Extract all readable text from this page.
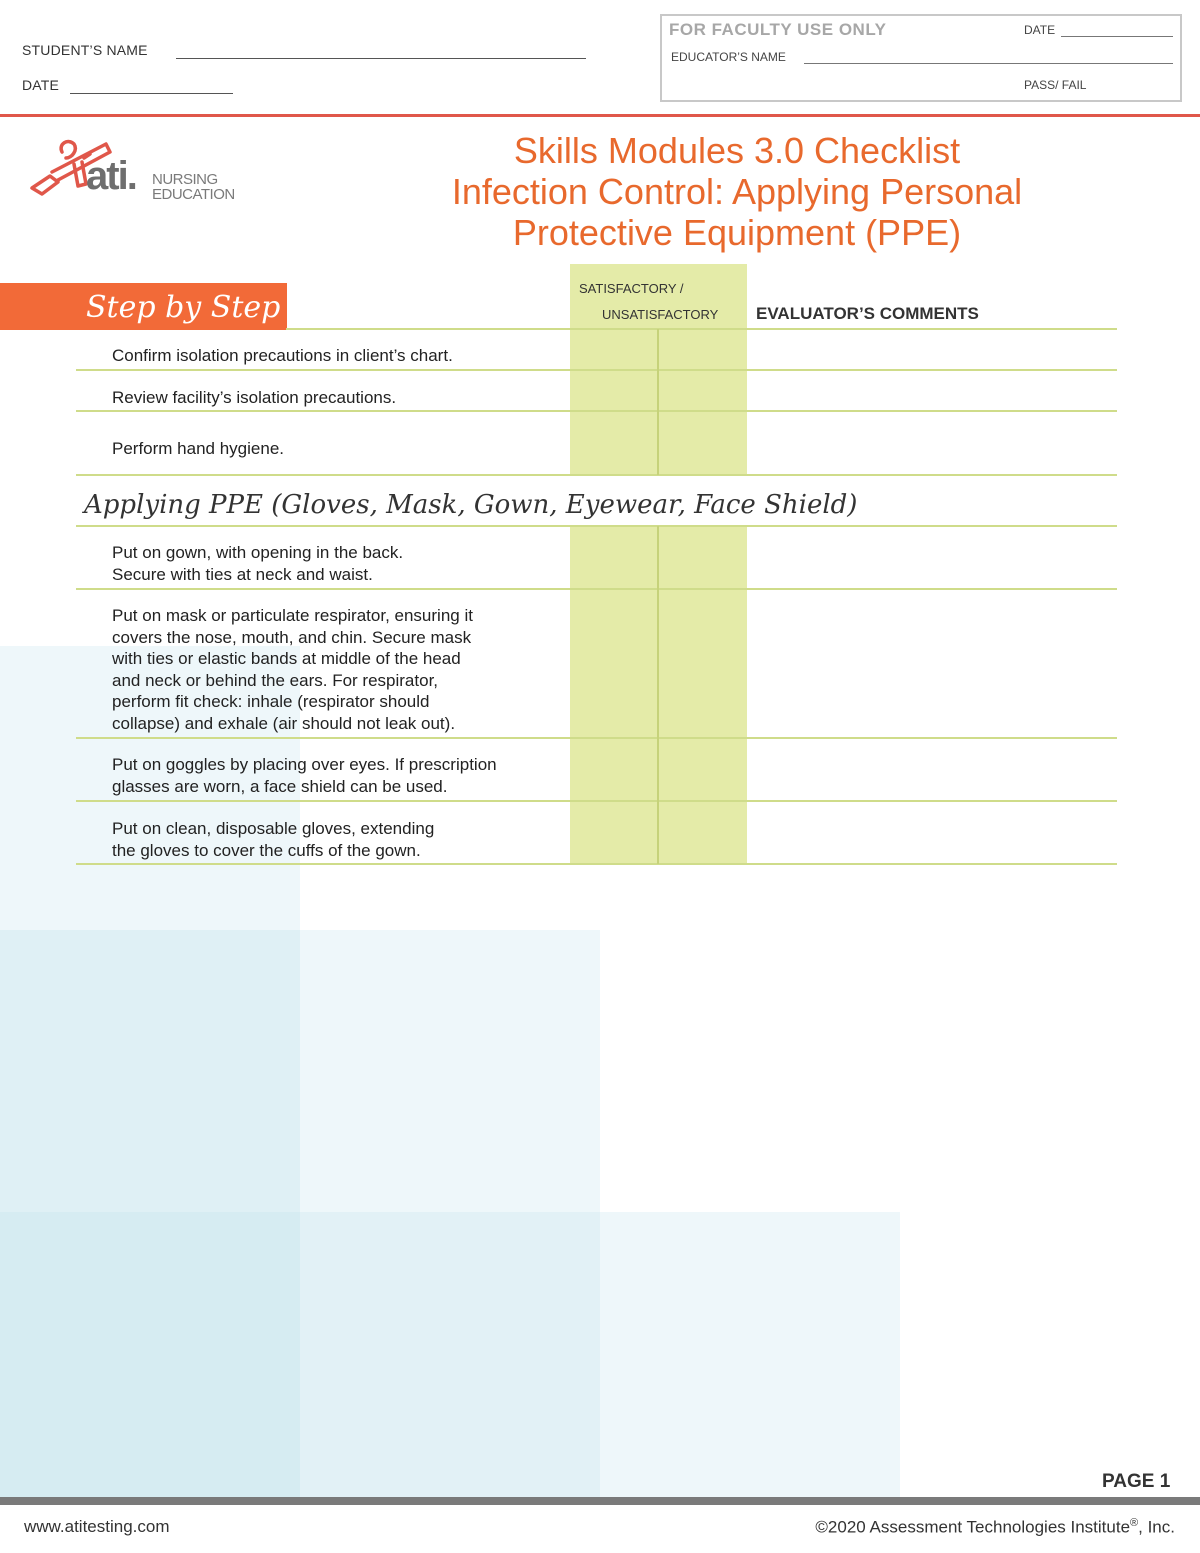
STUDENT’S NAME
DATE
FOR FACULTY USE ONLY	DATE
EDUCATOR’S NAME
PASS/ FAIL
ati. NURSING
EDUCATION
Skills Modules 3.0 Checklist
Infection Control: Applying Personal
Protective Equipment (PPE)
Step by Step
SATISFACTORY /
UNSATISFACTORY EVALUATOR’S COMMENTS
Confirm isolation precautions in client’s chart.
Review facility’s isolation precautions.
Perform hand hygiene.
Applying PPE (Gloves, Mask, Gown, Eyewear, Face Shield)
Put on gown, with opening in the back.
Secure with ties at neck and waist.
Put on mask or particulate respirator, ensuring it
covers the nose, mouth, and chin. Secure mask
with ties or elastic bands at middle of the head
and neck or behind the ears. For respirator,
perform fit check: inhale (respirator should
collapse) and exhale (air should not leak out).
Put on goggles by placing over eyes. If prescription
glasses are worn, a face shield can be used.
Put on clean, disposable gloves, extending
the gloves to cover the cuffs of the gown.
PAGE 1
www.atitesting.com	©2020 Assessment Technologies Institute®, Inc.
